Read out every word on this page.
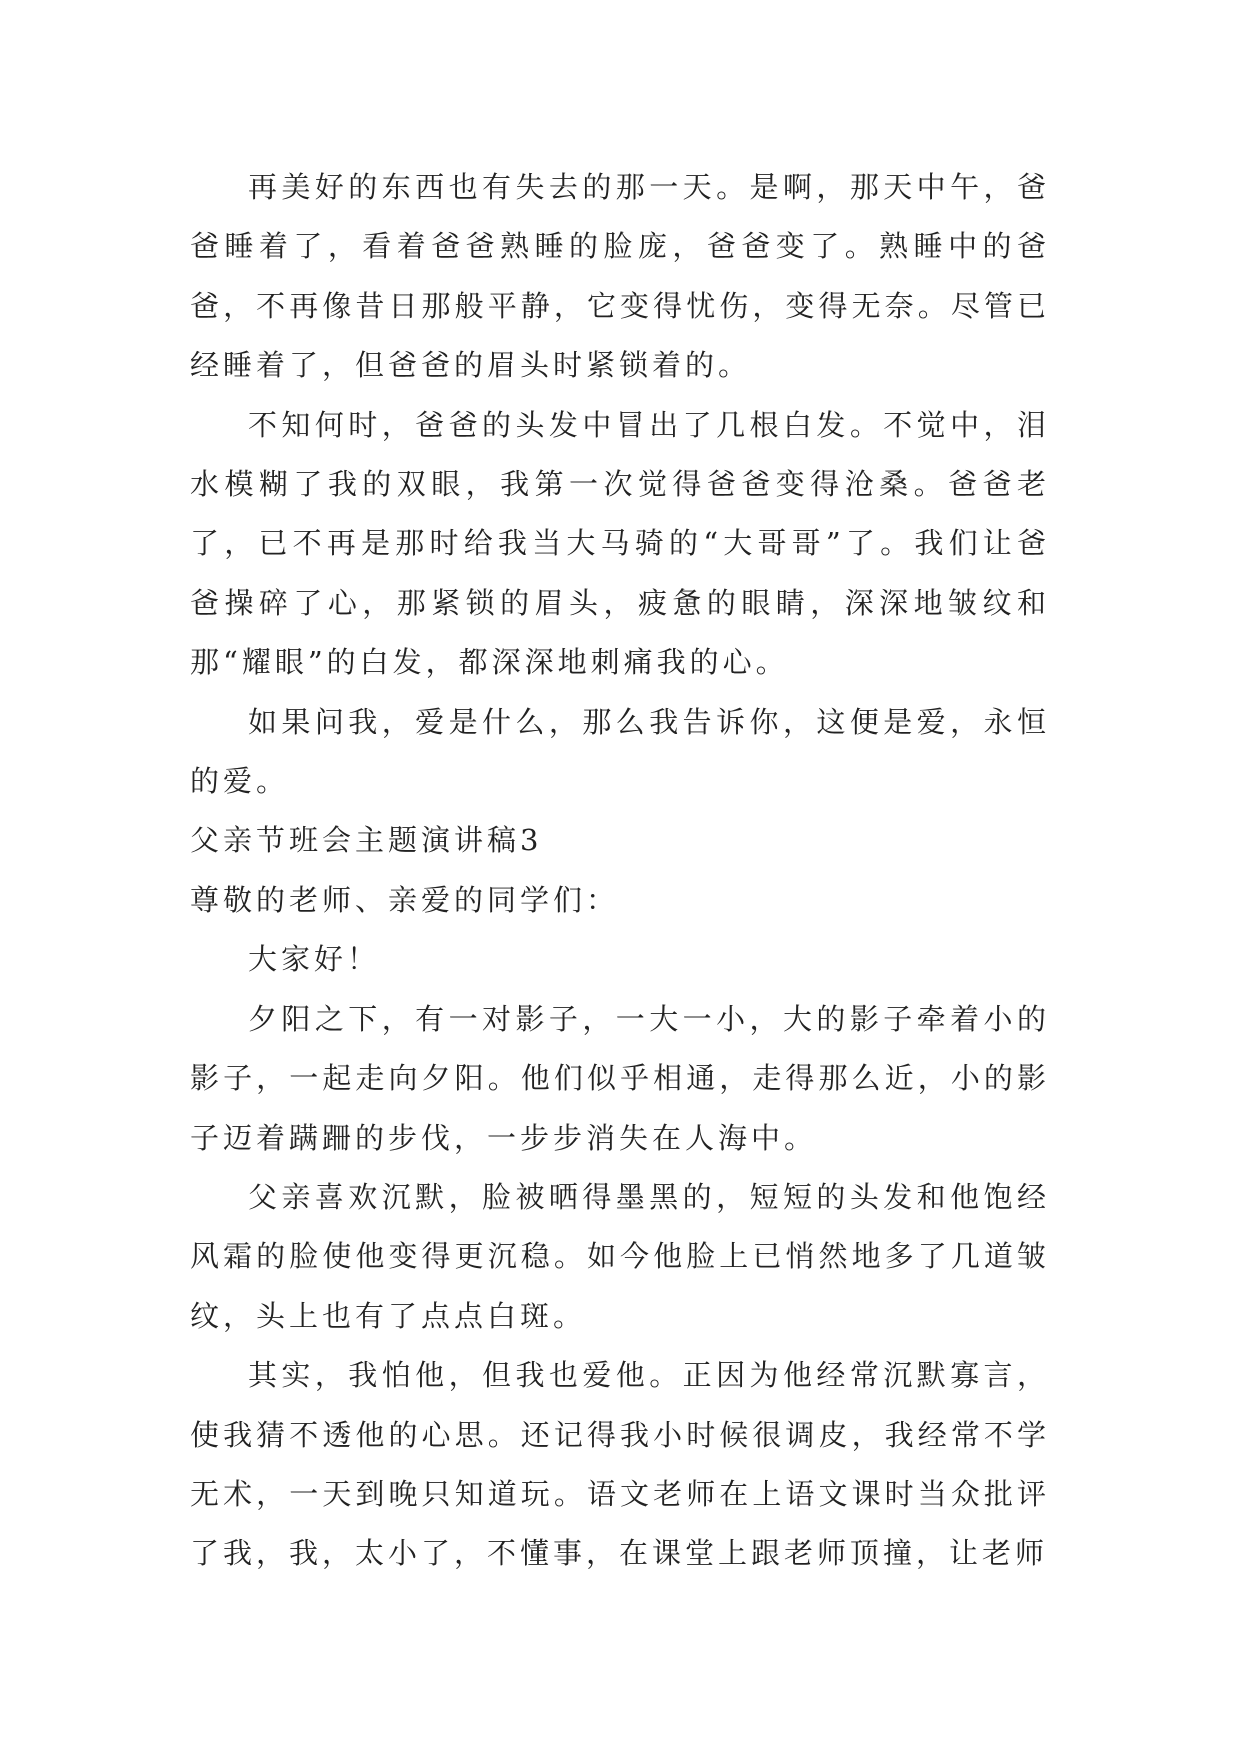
再美好的东西也有失去的那一天。是啊，那天中午，爸爸睡着了，看着爸爸熟睡的脸庞，爸爸变了。熟睡中的爸爸，不再像昔日那般平静，它变得忧伤，变得无奈。尽管已经睡着了，但爸爸的眉头时紧锁着的。

不知何时，爸爸的头发中冒出了几根白发。不觉中，泪水模糊了我的双眼，我第一次觉得爸爸变得沧桑。爸爸老了，已不再是那时给我当大马骑的“大哥哥”了。我们让爸爸操碎了心，那紧锁的眉头，疲惫的眼睛，深深地皱纹和那“耀眼”的白发，都深深地刺痛我的心。

如果问我，爱是什么，那么我告诉你，这便是爱，永恒的爱。

父亲节班会主题演讲稿3

尊敬的老师、亲爱的同学们：

大家好！

夕阳之下，有一对影子，一大一小，大的影子牵着小的影子，一起走向夕阳。他们似乎相通，走得那么近，小的影子迈着蹒跚的步伐，一步步消失在人海中。

父亲喜欢沉默，脸被晒得墨黑的，短短的头发和他饱经风霜的脸使他变得更沉稳。如今他脸上已悄然地多了几道皱纹，头上也有了点点白斑。

其实，我怕他，但我也爱他。正因为他经常沉默寡言，使我猜不透他的心思。还记得我小时候很调皮，我经常不学无术，一天到晚只知道玩。语文老师在上语文课时当众批评了我，我，太小了，不懂事，在课堂上跟老师顶撞，让老师
